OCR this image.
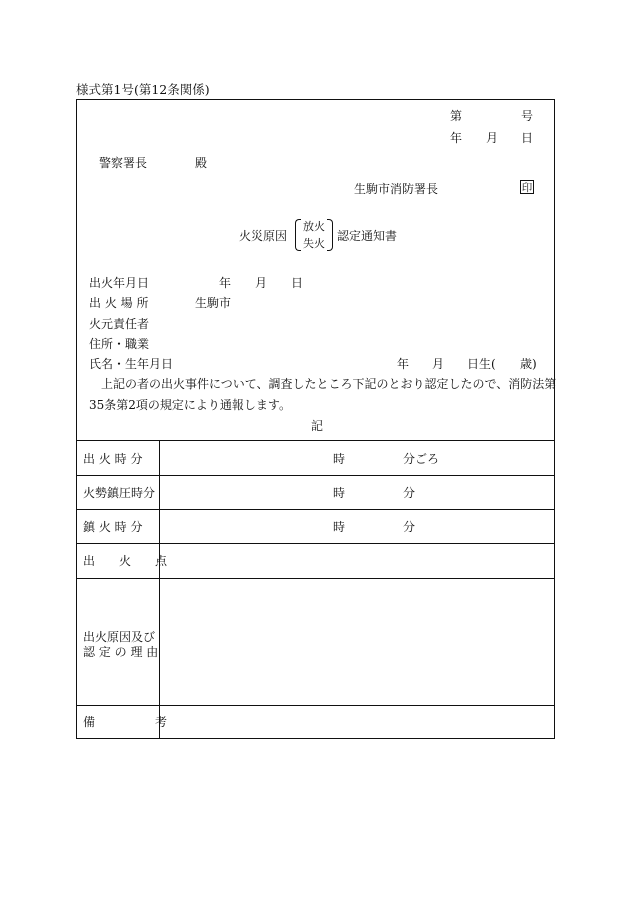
様式第1号(第12条関係)
第	号
年 月 日
警察署長	殿
生駒市消防署長	印
火災原因
放火
失火
認定通知書
出火年月日	年 月 日
出 火 場 所	生駒市
火元責任者
住所・職業
氏名・生年月日	年 月 日生( 歳)
上記の者の出火事件について、調査したところ下記のとおり認定したので、消防法第
35条第2項の規定により通報します。
記
出 火 時 分	時	分ごろ
火勢鎮圧時分	時	分
鎮 火 時 分	時	分
出　　火　　点
出火原因及び
認 定 の 理 由
備　　　　　考
